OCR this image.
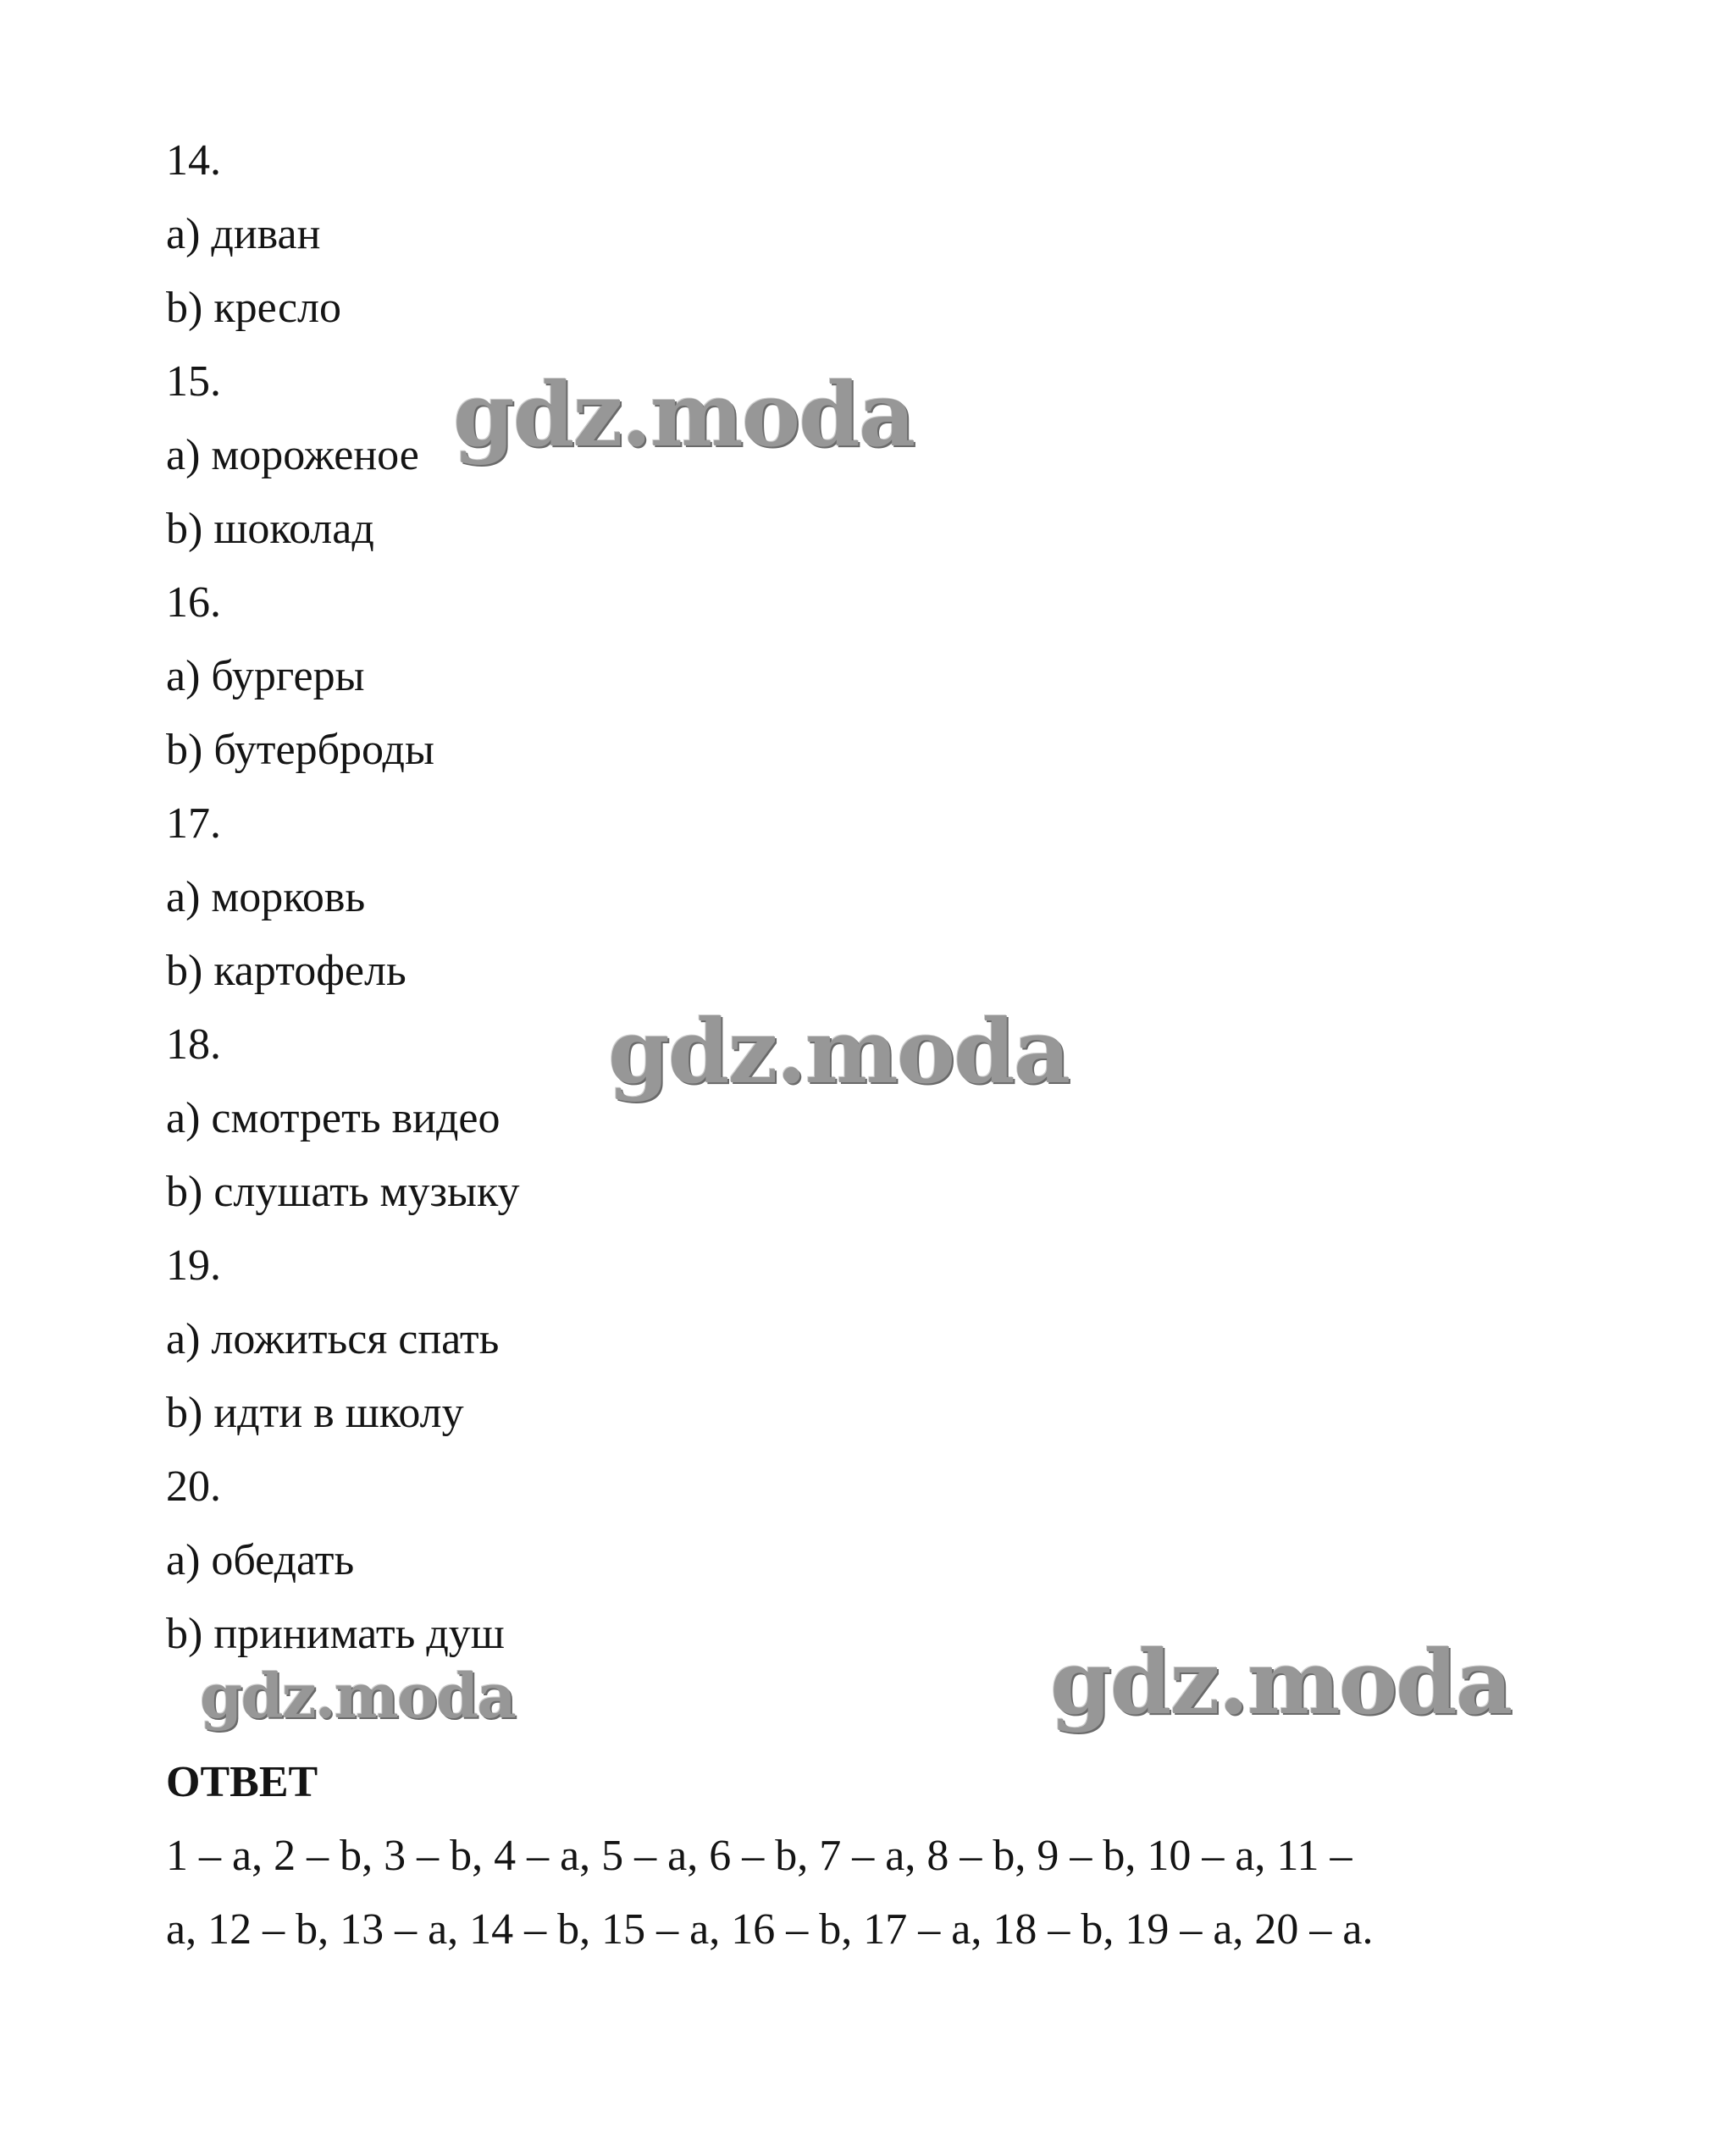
14.
a) диван
b) кресло
15.
a) мороженое
b) шоколад
16.
a) бургеры
b) бутерброды
17.
a) морковь
b) картофель
18.
a) смотреть видео
b) слушать музыку
19.
a) ложиться спать
b) идти в школу
20.
a) обедать
b) принимать душ
ОТВЕТ
1 – a, 2 – b, 3 – b, 4 – a, 5 – a, 6 – b, 7 – a, 8 – b, 9 – b, 10 – a, 11 –
a, 12 – b, 13 – a, 14 – b, 15 – a, 16 – b, 17 – a, 18 – b, 19 – a, 20 – a.
gdz.moda
gdz.moda
gdz.moda
gdz.moda
